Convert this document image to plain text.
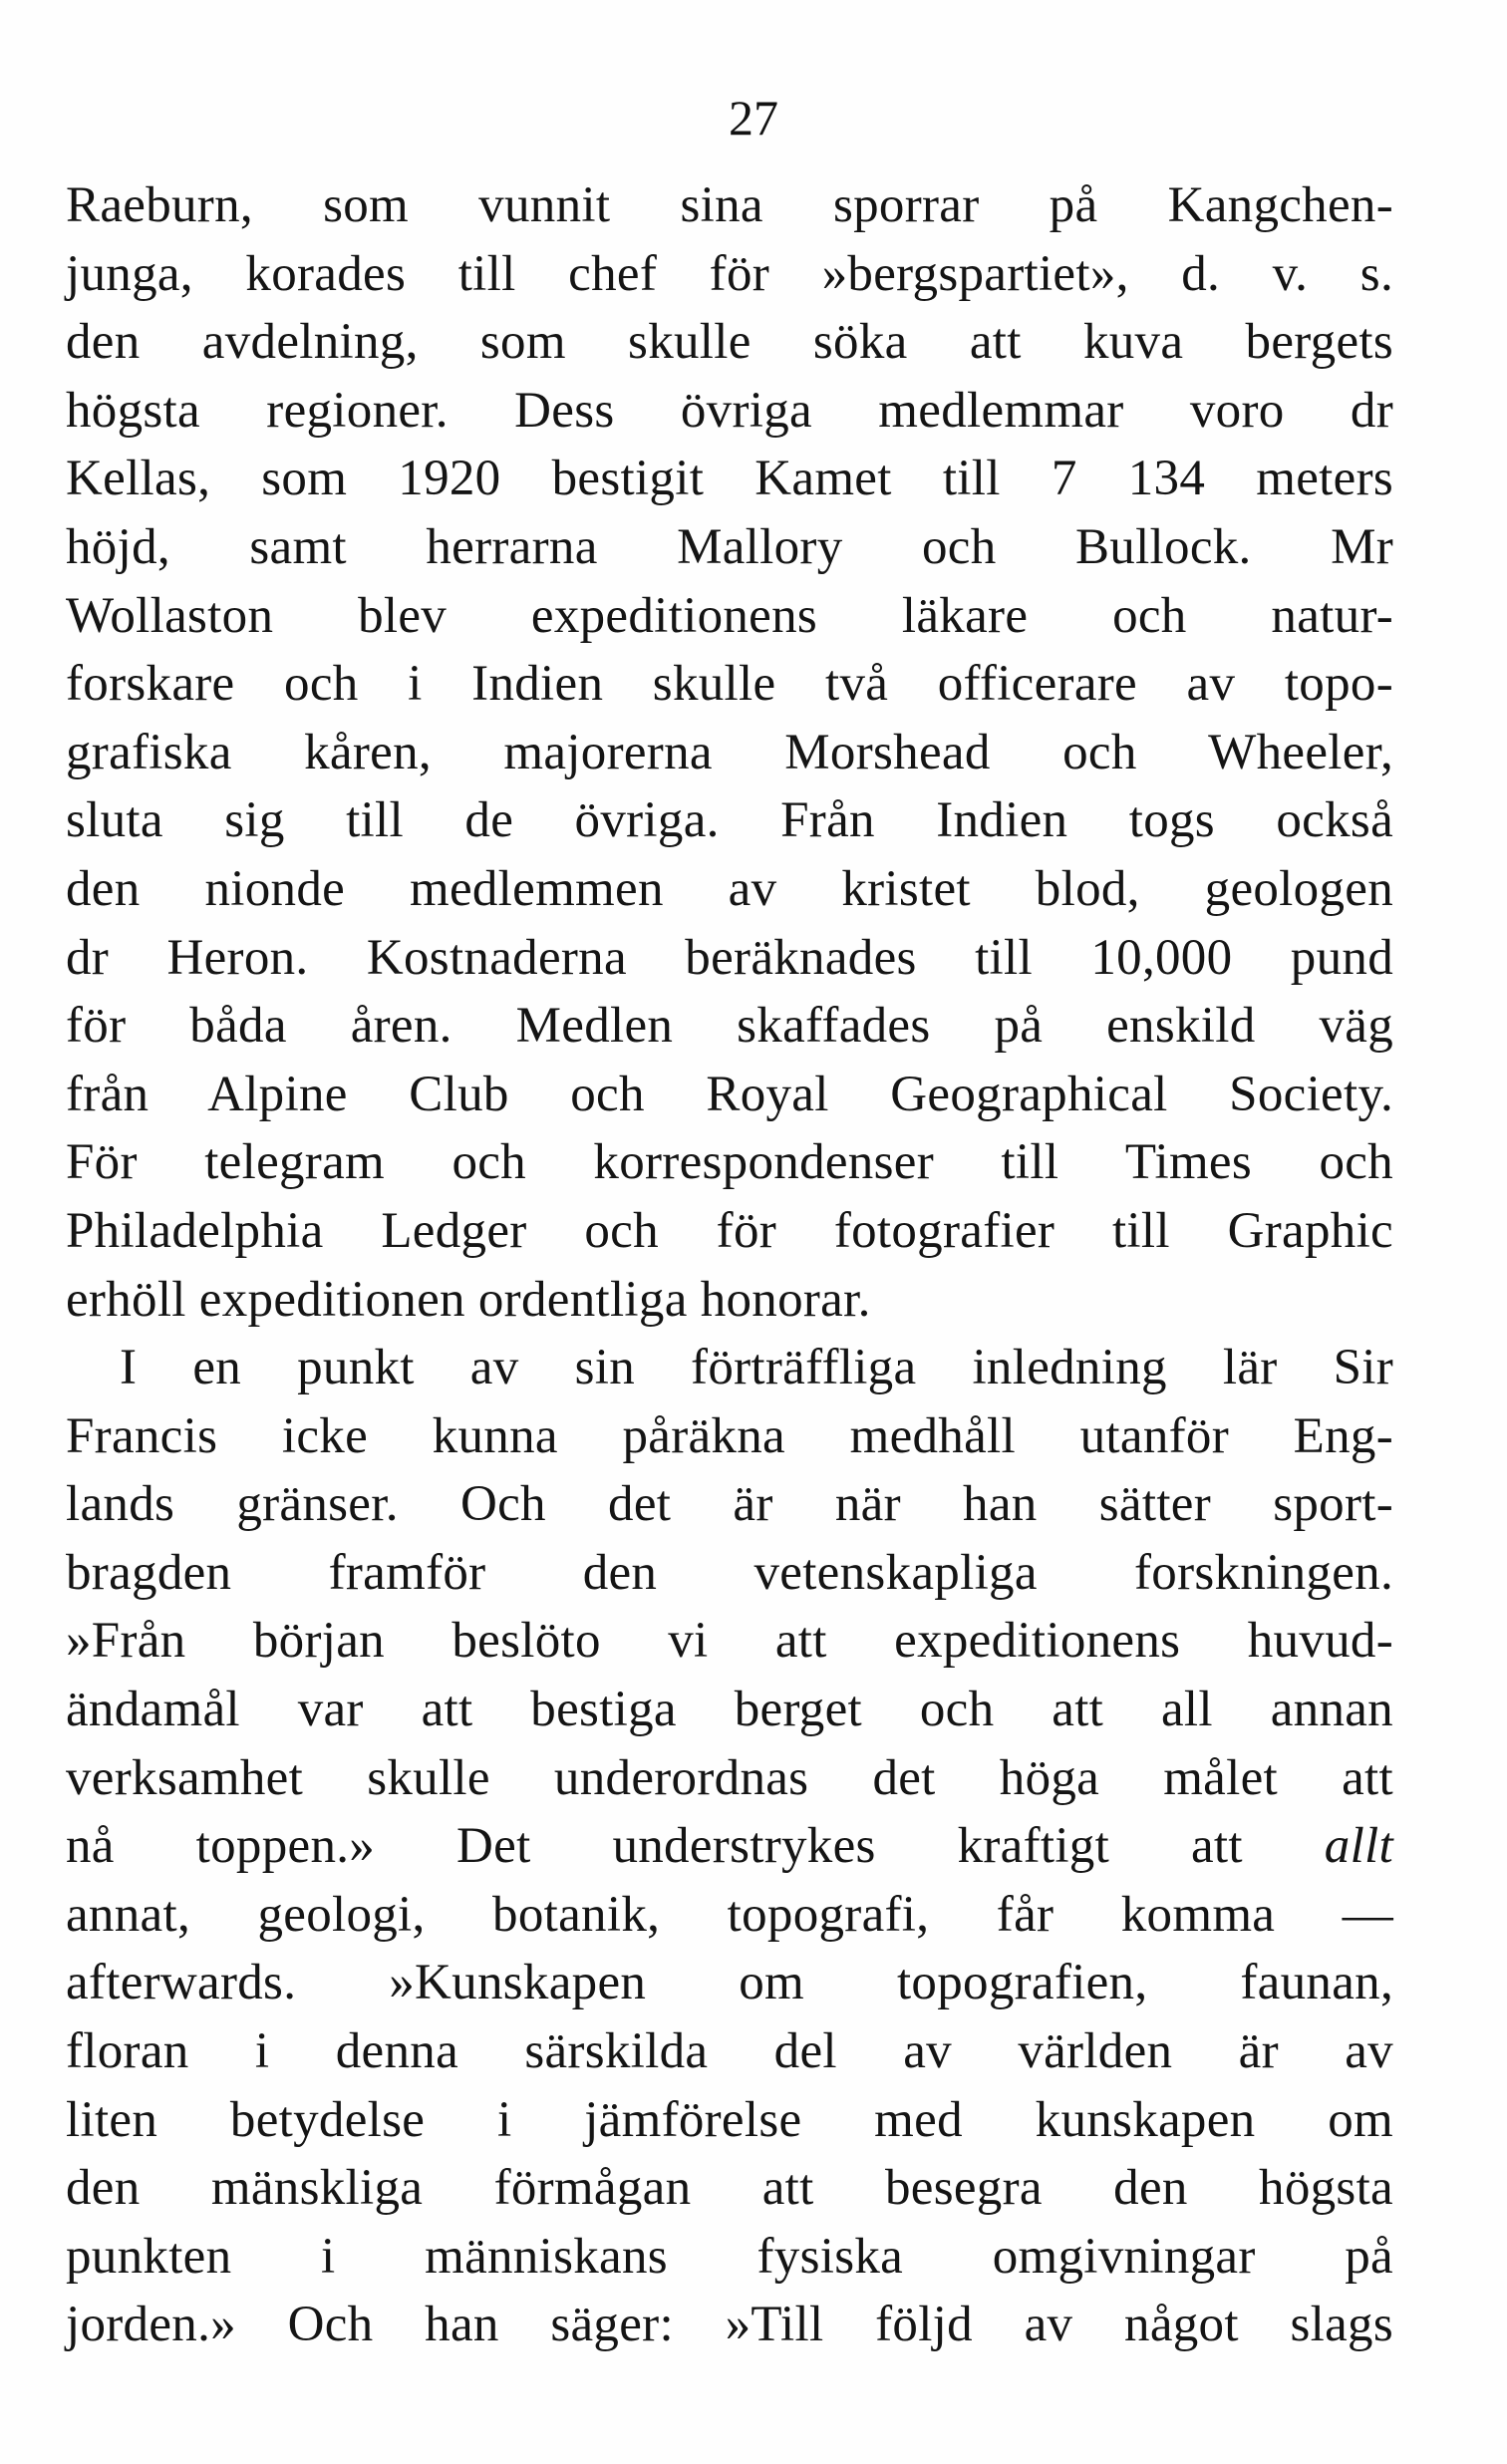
27
Raeburn, som vunnit sina sporrar på Kangchen-
junga, korades till chef för »bergspartiet», d. v. s.
den avdelning, som skulle söka att kuva bergets
högsta regioner. Dess övriga medlemmar voro dr
Kellas, som 1920 bestigit Kamet till 7 134 meters
höjd, samt herrarna Mallory och Bullock. Mr
Wollaston blev expeditionens läkare och natur-
forskare och i Indien skulle två officerare av topo-
grafiska kåren, majorerna Morshead och Wheeler,
sluta sig till de övriga. Från Indien togs också
den nionde medlemmen av kristet blod, geologen
dr Heron. Kostnaderna beräknades till 10,000 pund
för båda åren. Medlen skaffades på enskild väg
från Alpine Club och Royal Geographical Society.
För telegram och korrespondenser till Times och
Philadelphia Ledger och för fotografier till Graphic
erhöll expeditionen ordentliga honorar.
I en punkt av sin förträffliga inledning lär Sir
Francis icke kunna påräkna medhåll utanför Eng-
lands gränser. Och det är när han sätter sport-
bragden framför den vetenskapliga forskningen.
»Från början beslöto vi att expeditionens huvud-
ändamål var att bestiga berget och att all annan
verksamhet skulle underordnas det höga målet att
nå toppen.» Det understrykes kraftigt att allt
annat, geologi, botanik, topografi, får komma —
afterwards. »Kunskapen om topografien, faunan,
floran i denna särskilda del av världen är av
liten betydelse i jämförelse med kunskapen om
den mänskliga förmågan att besegra den högsta
punkten i människans fysiska omgivningar på
jorden.» Och han säger: »Till följd av något slags
